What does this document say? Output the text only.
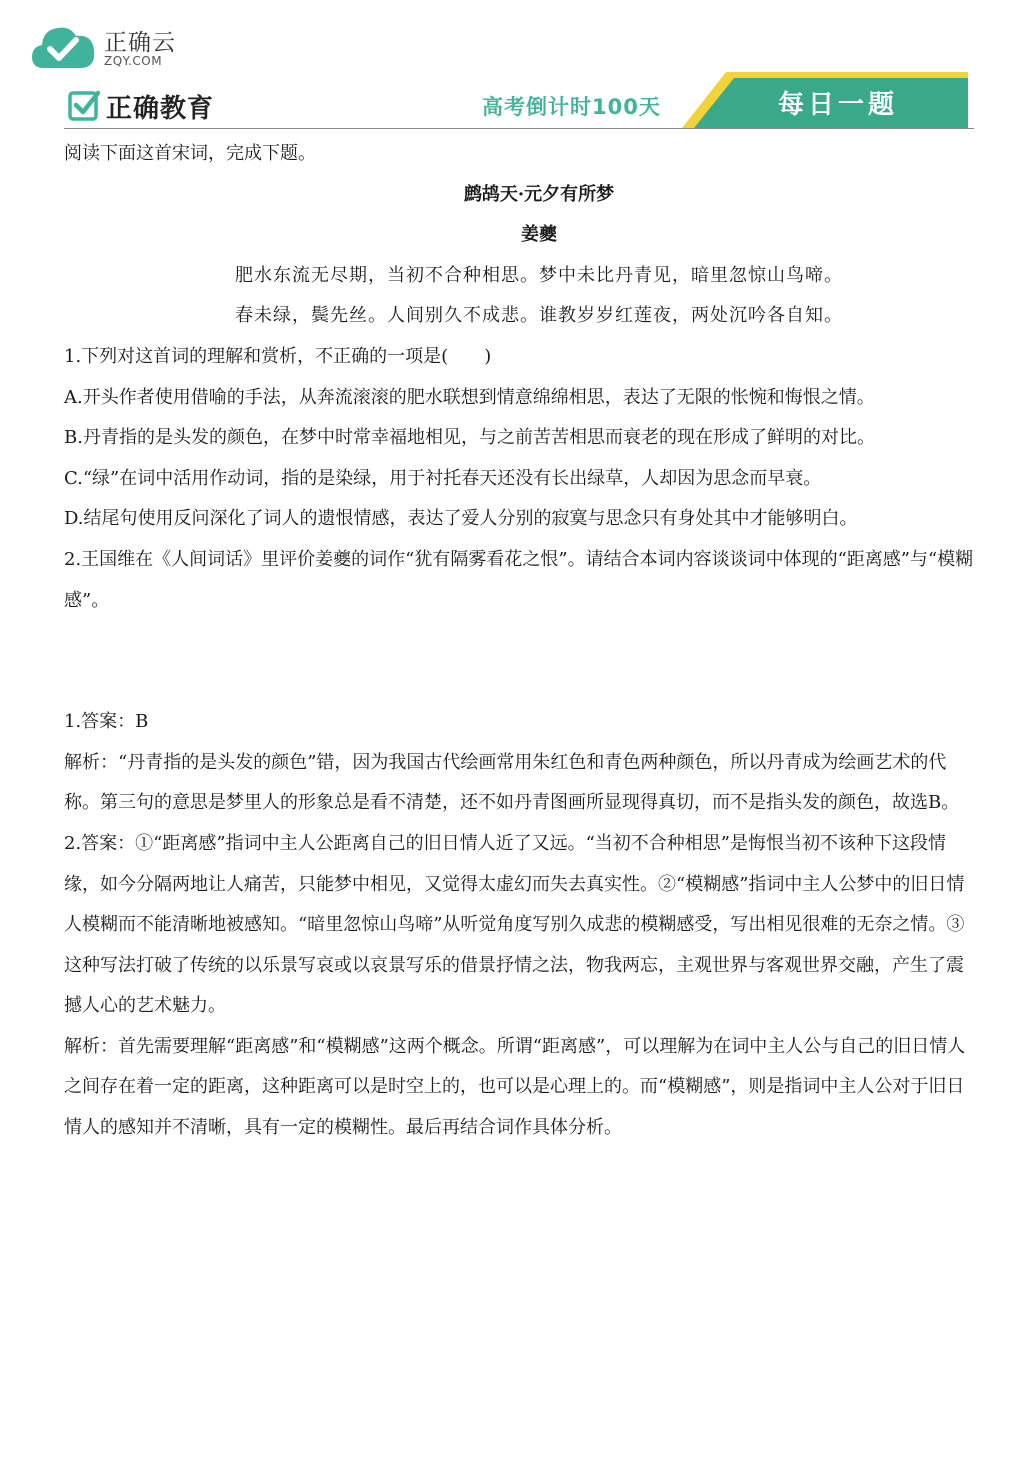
正确云
ZQY.COM
正确教育	高考倒计时100天	每日一题

阅读下面这首宋词，完成下题。

鹧鸪天·元夕有所梦

姜夔

肥水东流无尽期，当初不合种相思。梦中未比丹青见，暗里忽惊山鸟啼。

春未绿，鬓先丝。人间别久不成悲。谁教岁岁红莲夜，两处沉吟各自知。

1.下列对这首词的理解和赏析，不正确的一项是(　　)

A.开头作者使用借喻的手法，从奔流滚滚的肥水联想到情意绵绵相思，表达了无限的怅惋和悔恨之情。

B.丹青指的是头发的颜色，在梦中时常幸福地相见，与之前苦苦相思而衰老的现在形成了鲜明的对比。

C.“绿”在词中活用作动词，指的是染绿，用于衬托春天还没有长出绿草，人却因为思念而早衰。

D.结尾句使用反问深化了词人的遗恨情感，表达了爱人分别的寂寞与思念只有身处其中才能够明白。

2.王国维在《人间词话》里评价姜夔的词作“犹有隔雾看花之恨”。请结合本词内容谈谈词中体现的“距离感”与“模糊感”。

1.答案：B

解析：“丹青指的是头发的颜色”错，因为我国古代绘画常用朱红色和青色两种颜色，所以丹青成为绘画艺术的代称。第三句的意思是梦里人的形象总是看不清楚，还不如丹青图画所显现得真切，而不是指头发的颜色，故选B。

2.答案：①“距离感”指词中主人公距离自己的旧日情人近了又远。“当初不合种相思”是悔恨当初不该种下这段情缘，如今分隔两地让人痛苦，只能梦中相见，又觉得太虚幻而失去真实性。②“模糊感”指词中主人公梦中的旧日情人模糊而不能清晰地被感知。“暗里忽惊山鸟啼”从听觉角度写别久成悲的模糊感受，写出相见很难的无奈之情。③这种写法打破了传统的以乐景写哀或以哀景写乐的借景抒情之法，物我两忘，主观世界与客观世界交融，产生了震撼人心的艺术魅力。

解析：首先需要理解“距离感”和“模糊感”这两个概念。所谓“距离感”，可以理解为在词中主人公与自己的旧日情人之间存在着一定的距离，这种距离可以是时空上的，也可以是心理上的。而“模糊感”，则是指词中主人公对于旧日情人的感知并不清晰，具有一定的模糊性。最后再结合词作具体分析。
